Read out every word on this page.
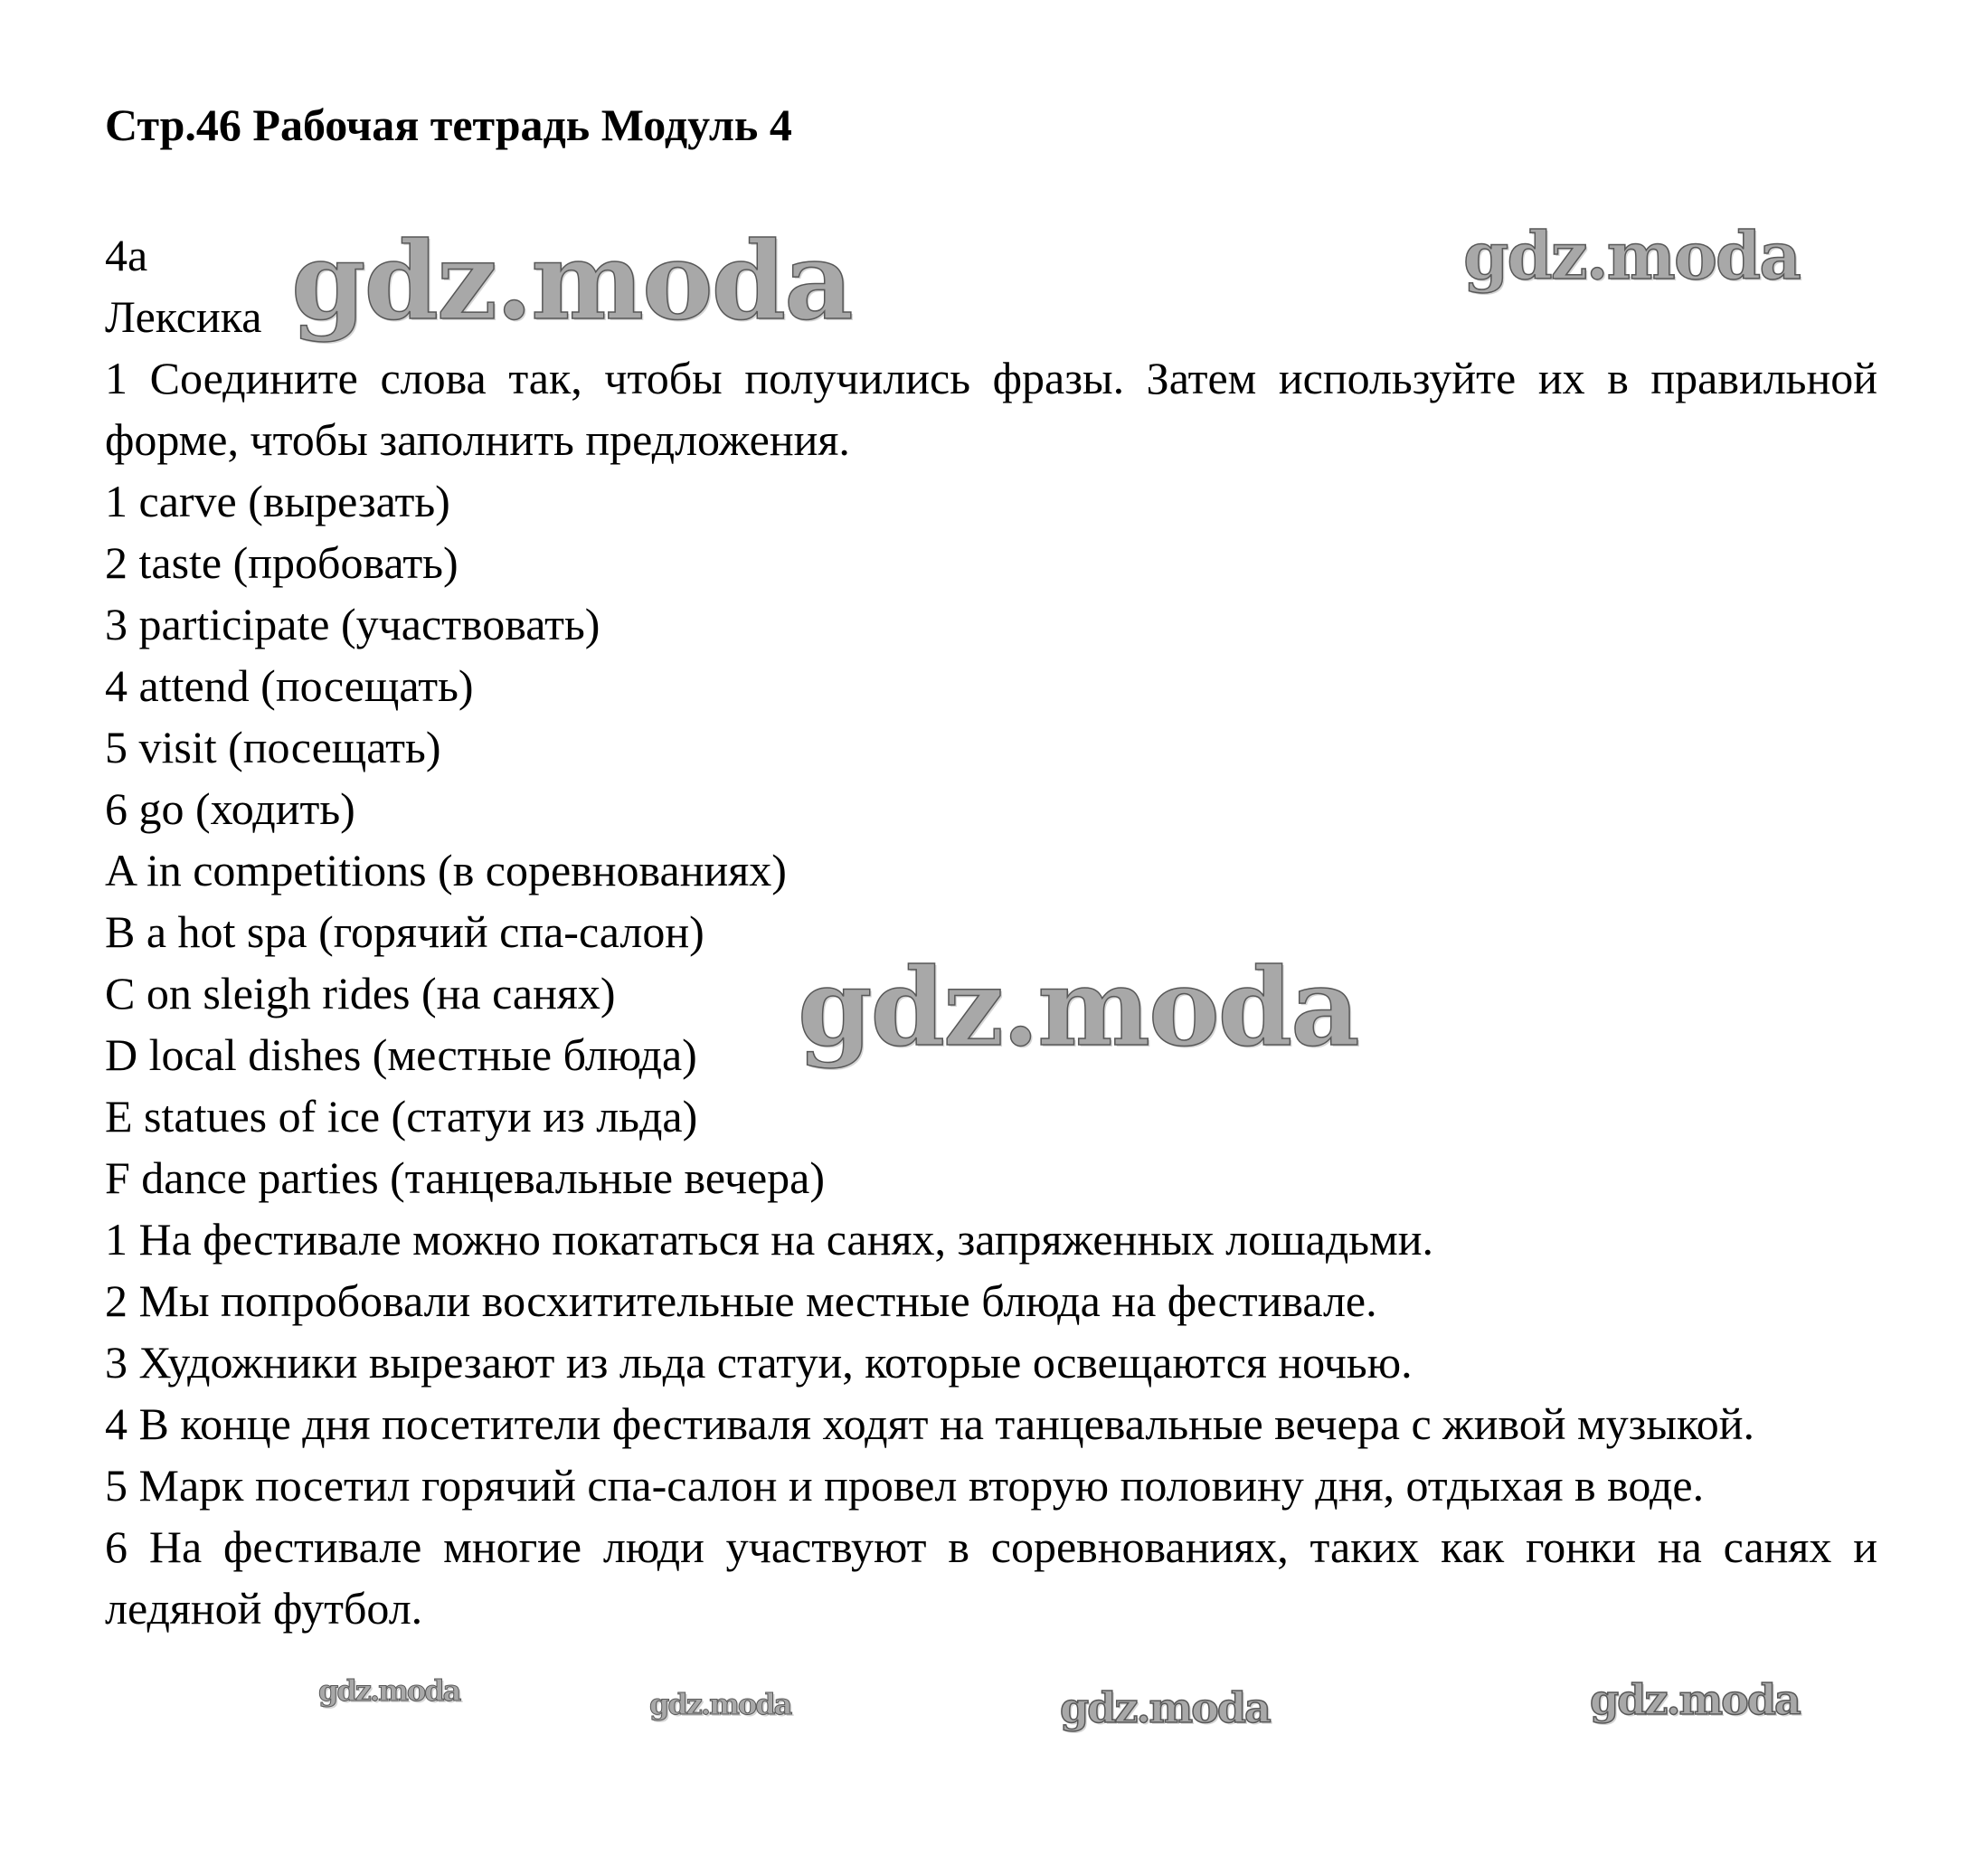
Стр.46 Рабочая тетрадь Модуль 4
4a
Лексика
1 Соедините слова так, чтобы получились фразы. Затем используйте их в правильной форме, чтобы заполнить предложения.
1 carve (вырезать)
2 taste (пробовать)
3 participate (участвовать)
4 attend (посещать)
5 visit (посещать)
6 go (ходить)
A in competitions (в соревнованиях)
B a hot spa (горячий спа-салон)
C on sleigh rides (на санях)
D local dishes (местные блюда)
E statues of ice (статуи из льда)
F dance parties (танцевальные вечера)
1 На фестивале можно покататься на санях, запряженных лошадьми.
2 Мы попробовали восхитительные местные блюда на фестивале.
3 Художники вырезают из льда статуи, которые освещаются ночью.
4 В конце дня посетители фестиваля ходят на танцевальные вечера с живой музыкой.
5 Марк посетил горячий спа-салон и провел вторую половину дня, отдыхая в воде.
6 На фестивале многие люди участвуют в соревнованиях, таких как гонки на санях и ледяной футбол.
gdz.moda	gdz.moda
gdz.moda
gdz.moda	gdz.moda	gdz.moda	gdz.moda
